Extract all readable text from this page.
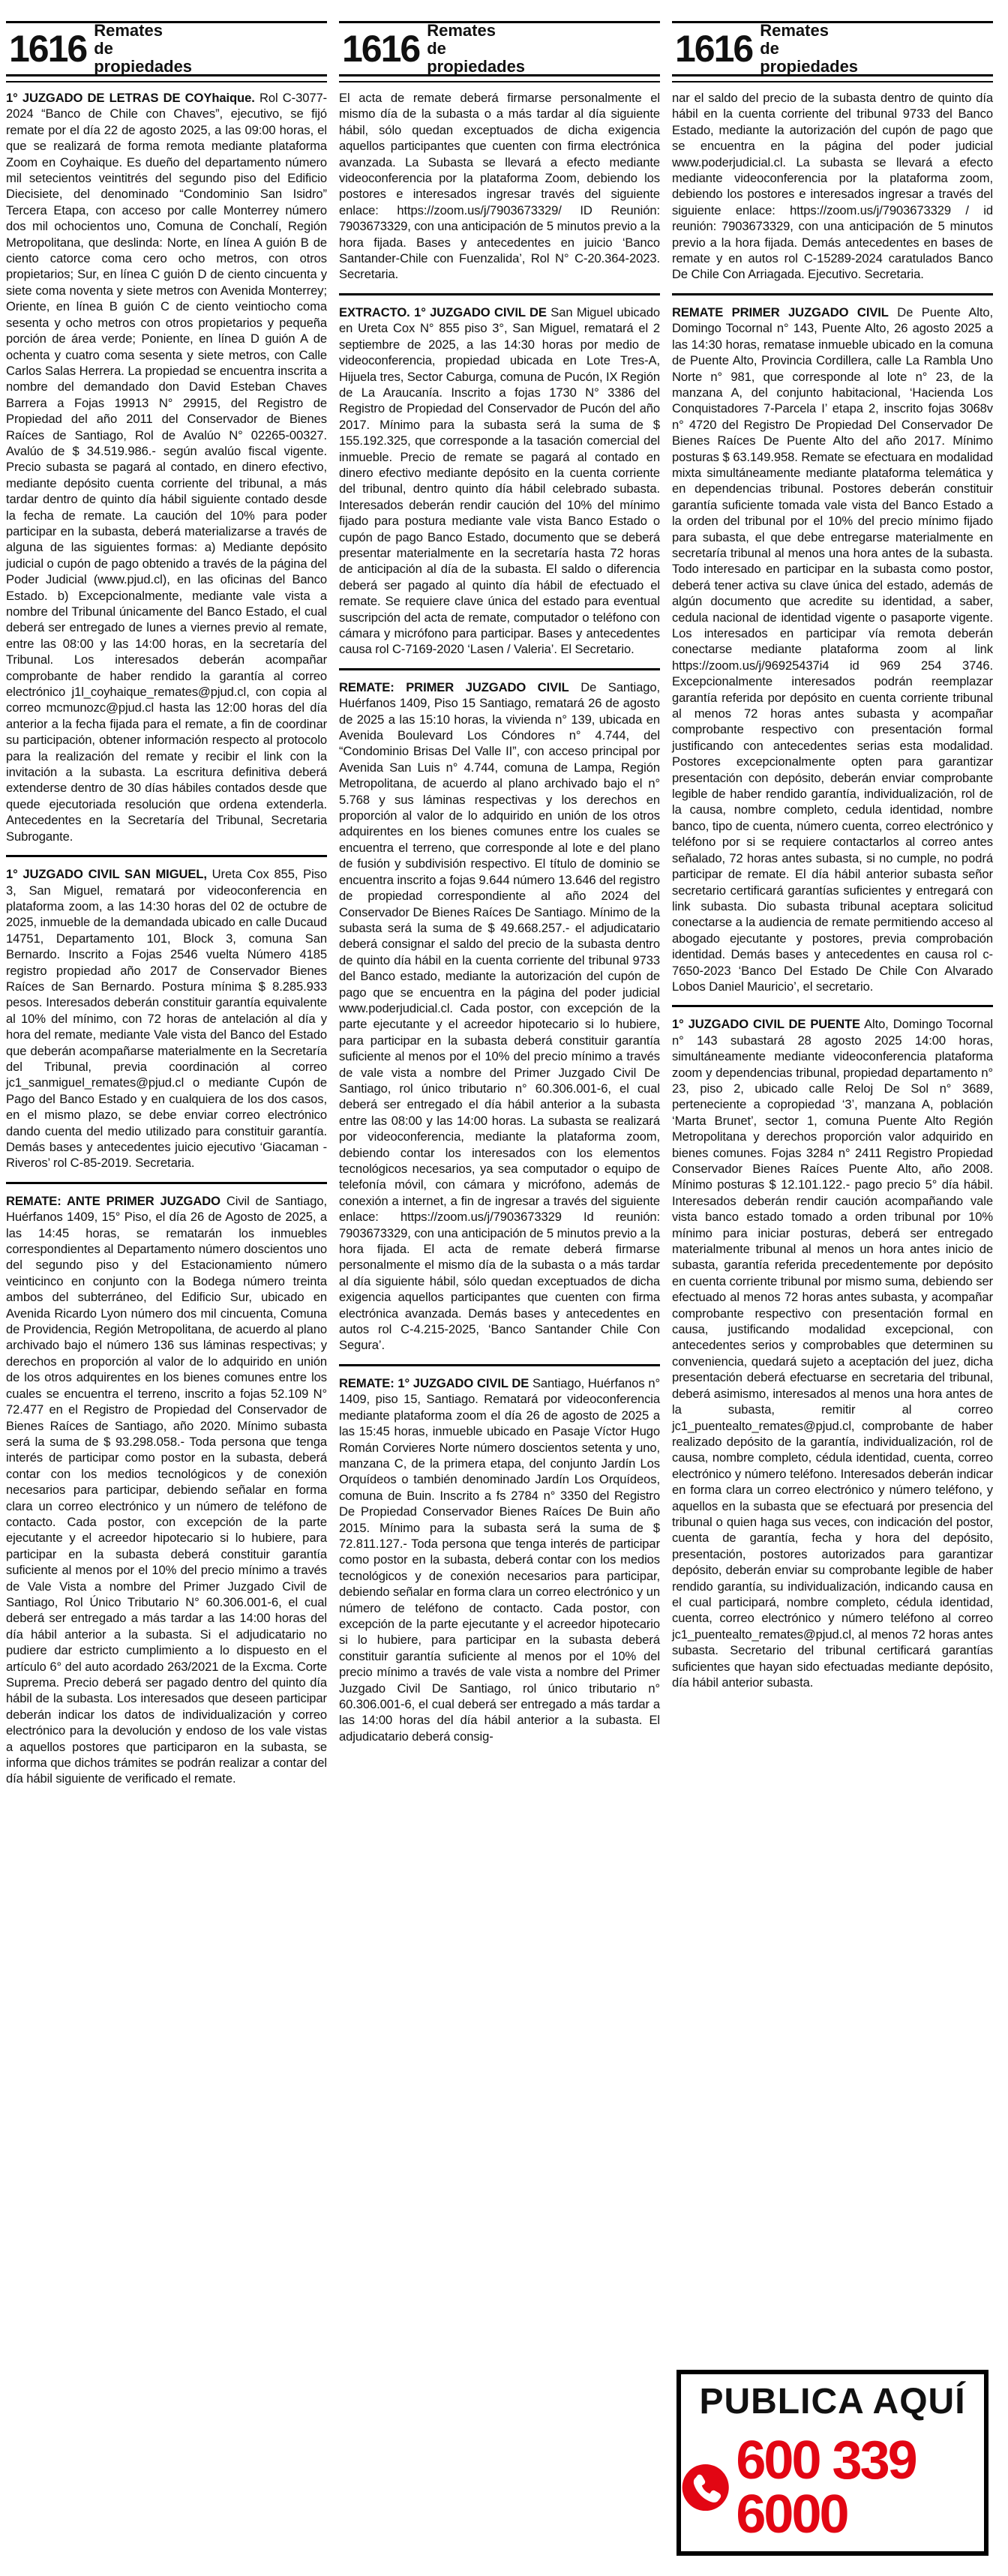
1616 Remates de propiedades

1° JUZGADO DE LETRAS DE COYhaique. Rol C-3077-2024 “Banco de Chile con Chaves”, ejecutivo, se fijó remate por el día 22 de agosto 2025, a las 09:00 horas, el que se realizará de forma remota mediante plataforma Zoom en Coyhaique. Es dueño del departamento número mil setecientos veintitrés del segundo piso del Edificio Diecisiete, del denominado “Condominio San Isidro” Tercera Etapa, con acceso por calle Monterrey número dos mil ochocientos uno, Comuna de Conchalí, Región Metropolitana, que deslinda: Norte, en línea A guión B de ciento catorce coma cero ocho metros, con otros propietarios; Sur, en línea C guión D de ciento cincuenta y siete coma noventa y siete metros con Avenida Monterrey; Oriente, en línea B guión C de ciento veintiocho coma sesenta y ocho metros con otros propietarios y pequeña porción de área verde; Poniente, en línea D guión A de ochenta y cuatro coma sesenta y siete metros, con Calle Carlos Salas Herrera. La propiedad se encuentra inscrita a nombre del demandado don David Esteban Chaves Barrera a Fojas 19913 N° 29915, del Registro de Propiedad del año 2011 del Conservador de Bienes Raíces de Santiago, Rol de Avalúo N° 02265-00327. Avalúo de $ 34.519.986.- según avalúo fiscal vigente. Precio subasta se pagará al contado, en dinero efectivo, mediante depósito cuenta corriente del tribunal, a más tardar dentro de quinto día hábil siguiente contado desde la fecha de remate. La caución del 10% para poder participar en la subasta, deberá materializarse a través de alguna de las siguientes formas: a) Mediante depósito judicial o cupón de pago obtenido a través de la página del Poder Judicial (www.pjud.cl), en las oficinas del Banco Estado. b) Excepcionalmente, mediante vale vista a nombre del Tribunal únicamente del Banco Estado, el cual deberá ser entregado de lunes a viernes previo al remate, entre las 08:00 y las 14:00 horas, en la secretaría del Tribunal. Los interesados deberán acompañar comprobante de haber rendido la garantía al correo electrónico j1l_coyhaique_remates@pjud.cl, con copia al correo mcmunozc@pjud.cl hasta las 12:00 horas del día anterior a la fecha fijada para el remate, a fin de coordinar su participación, obtener información respecto al protocolo para la realización del remate y recibir el link con la invitación a la subasta. La escritura definitiva deberá extenderse dentro de 30 días hábiles contados desde que quede ejecutoriada resolución que ordena extenderla. Antecedentes en la Secretaría del Tribunal, Secretaria Subrogante.

1° JUZGADO CIVIL SAN MIGUEL, Ureta Cox 855, Piso 3, San Miguel, rematará por videoconferencia en plataforma zoom, a las 14:30 horas del 02 de octubre de 2025, inmueble de la demandada ubicado en calle Ducaud 14751, Departamento 101, Block 3, comuna San Bernardo. Inscrito a Fojas 2546 vuelta Número 4185 registro propiedad año 2017 de Conservador Bienes Raíces de San Bernardo. Postura mínima $ 8.285.933 pesos. Interesados deberán constituir garantía equivalente al 10% del mínimo, con 72 horas de antelación al día y hora del remate, mediante Vale vista del Banco del Estado que deberán acompañarse materialmente en la Secretaría del Tribunal, previa coordinación al correo jc1_sanmiguel_remates@pjud.cl o mediante Cupón de Pago del Banco Estado y en cualquiera de los dos casos, en el mismo plazo, se debe enviar correo electrónico dando cuenta del medio utilizado para constituir garantía. Demás bases y antecedentes juicio ejecutivo ‘Giacaman - Riveros’ rol C-85-2019. Secretaria.

REMATE: ANTE PRIMER JUZGADO Civil de Santiago, Huérfanos 1409, 15° Piso, el día 26 de Agosto de 2025, a las 14:45 horas, se rematarán los inmuebles correspondientes al Departamento número doscientos uno del segundo piso y del Estacionamiento número veinticinco en conjunto con la Bodega número treinta ambos del subterráneo, del Edificio Sur, ubicado en Avenida Ricardo Lyon número dos mil cincuenta, Comuna de Providencia, Región Metropolitana, de acuerdo al plano archivado bajo el número 136 sus láminas respectivas; y derechos en proporción al valor de lo adquirido en unión de los otros adquirentes en los bienes comunes entre los cuales se encuentra el terreno, inscrito a fojas 52.109 N° 72.477 en el Registro de Propiedad del Conservador de Bienes Raíces de Santiago, año 2020. Mínimo subasta será la suma de $ 93.298.058.- Toda persona que tenga interés de participar como postor en la subasta, deberá contar con los medios tecnológicos y de conexión necesarios para participar, debiendo señalar en forma clara un correo electrónico y un número de teléfono de contacto. Cada postor, con excepción de la parte ejecutante y el acreedor hipotecario si lo hubiere, para participar en la subasta deberá constituir garantía suficiente al menos por el 10% del precio mínimo a través de Vale Vista a nombre del Primer Juzgado Civil de Santiago, Rol Único Tributario N° 60.306.001-6, el cual deberá ser entregado a más tardar a las 14:00 horas del día hábil anterior a la subasta. Si el adjudicatario no pudiere dar estricto cumplimiento a lo dispuesto en el artículo 6° del auto acordado 263/2021 de la Excma. Corte Suprema. Precio deberá ser pagado dentro del quinto día hábil de la subasta. Los interesados que deseen participar deberán indicar los datos de individualización y correo electrónico para la devolución y endoso de los vale vistas a aquellos postores que participaron en la subasta, se informa que dichos trámites se podrán realizar a contar del día hábil siguiente de verificado el remate.

1616 Remates de propiedades

El acta de remate deberá firmarse personalmente el mismo día de la subasta o a más tardar al día siguiente hábil, sólo quedan exceptuados de dicha exigencia aquellos participantes que cuenten con firma electrónica avanzada. La Subasta se llevará a efecto mediante videoconferencia por la plataforma Zoom, debiendo los postores e interesados ingresar través del siguiente enlace: https://zoom.us/j/7903673329/ ID Reunión: 7903673329, con una anticipación de 5 minutos previo a la hora fijada. Bases y antecedentes en juicio ‘Banco Santander-Chile con Fuenzalida’, Rol N° C-20.364-2023. Secretaria.

EXTRACTO. 1° JUZGADO CIVIL DE San Miguel ubicado en Ureta Cox N° 855 piso 3°, San Miguel, rematará el 2 septiembre de 2025, a las 14:30 horas por medio de videoconferencia, propiedad ubicada en Lote Tres-A, Hijuela tres, Sector Caburga, comuna de Pucón, IX Región de La Araucanía. Inscrito a fojas 1730 N° 3386 del Registro de Propiedad del Conservador de Pucón del año 2017. Mínimo para la subasta será la suma de $ 155.192.325, que corresponde a la tasación comercial del inmueble. Precio de remate se pagará al contado en dinero efectivo mediante depósito en la cuenta corriente del tribunal, dentro quinto día hábil celebrado subasta. Interesados deberán rendir caución del 10% del mínimo fijado para postura mediante vale vista Banco Estado o cupón de pago Banco Estado, documento que se deberá presentar materialmente en la secretaría hasta 72 horas de anticipación al día de la subasta. El saldo o diferencia deberá ser pagado al quinto día hábil de efectuado el remate. Se requiere clave única del estado para eventual suscripción del acta de remate, computador o teléfono con cámara y micrófono para participar. Bases y antecedentes causa rol C-7169-2020 ‘Lasen / Valeria’. El Secretario.

REMATE: PRIMER JUZGADO CIVIL De Santiago, Huérfanos 1409, Piso 15 Santiago, rematará 26 de agosto de 2025 a las 15:10 horas, la vivienda n° 139, ubicada en Avenida Boulevard Los Cóndores n° 4.744, del “Condominio Brisas Del Valle II”, con acceso principal por Avenida San Luis n° 4.744, comuna de Lampa, Región Metropolitana, de acuerdo al plano archivado bajo el n° 5.768 y sus láminas respectivas y los derechos en proporción al valor de lo adquirido en unión de los otros adquirentes en los bienes comunes entre los cuales se encuentra el terreno, que corresponde al lote e del plano de fusión y subdivisión respectivo. El título de dominio se encuentra inscrito a fojas 9.644 número 13.646 del registro de propiedad correspondiente al año 2024 del Conservador De Bienes Raíces De Santiago. Mínimo de la subasta será la suma de $ 49.668.257.- el adjudicatario deberá consignar el saldo del precio de la subasta dentro de quinto día hábil en la cuenta corriente del tribunal 9733 del Banco estado, mediante la autorización del cupón de pago que se encuentra en la página del poder judicial www.poderjudicial.cl. Cada postor, con excepción de la parte ejecutante y el acreedor hipotecario si lo hubiere, para participar en la subasta deberá constituir garantía suficiente al menos por el 10% del precio mínimo a través de vale vista a nombre del Primer Juzgado Civil De Santiago, rol único tributario n° 60.306.001-6, el cual deberá ser entregado el día hábil anterior a la subasta entre las 08:00 y las 14:00 horas. La subasta se realizará por videoconferencia, mediante la plataforma zoom, debiendo contar los interesados con los elementos tecnológicos necesarios, ya sea computador o equipo de telefonía móvil, con cámara y micrófono, además de conexión a internet, a fin de ingresar a través del siguiente enlace: https://zoom.us/j/7903673329 Id reunión: 7903673329, con una anticipación de 5 minutos previo a la hora fijada. El acta de remate deberá firmarse personalmente el mismo día de la subasta o a más tardar al día siguiente hábil, sólo quedan exceptuados de dicha exigencia aquellos participantes que cuenten con firma electrónica avanzada. Demás bases y antecedentes en autos rol C-4.215-2025, ‘Banco Santander Chile Con Segura’.

REMATE: 1° JUZGADO CIVIL DE Santiago, Huérfanos n° 1409, piso 15, Santiago. Rematará por videoconferencia mediante plataforma zoom el día 26 de agosto de 2025 a las 15:45 horas, inmueble ubicado en Pasaje Víctor Hugo Román Corvieres Norte número doscientos setenta y uno, manzana C, de la primera etapa, del conjunto Jardín Los Orquídeos o también denominado Jardín Los Orquídeos, comuna de Buin. Inscrito a fs 2784 n° 3350 del Registro De Propiedad Conservador Bienes Raíces De Buin año 2015. Mínimo para la subasta será la suma de $ 72.811.127.- Toda persona que tenga interés de participar como postor en la subasta, deberá contar con los medios tecnológicos y de conexión necesarios para participar, debiendo señalar en forma clara un correo electrónico y un número de teléfono de contacto. Cada postor, con excepción de la parte ejecutante y el acreedor hipotecario si lo hubiere, para participar en la subasta deberá constituir garantía suficiente al menos por el 10% del precio mínimo a través de vale vista a nombre del Primer Juzgado Civil De Santiago, rol único tributario n° 60.306.001-6, el cual deberá ser entregado a más tardar a las 14:00 horas del día hábil anterior a la subasta. El adjudicatario deberá consig-

1616 Remates de propiedades

nar el saldo del precio de la subasta dentro de quinto día hábil en la cuenta corriente del tribunal 9733 del Banco Estado, mediante la autorización del cupón de pago que se encuentra en la página del poder judicial www.poderjudicial.cl. La subasta se llevará a efecto mediante videoconferencia por la plataforma zoom, debiendo los postores e interesados ingresar a través del siguiente enlace: https://zoom.us/j/7903673329 / id reunión: 7903673329, con una anticipación de 5 minutos previo a la hora fijada. Demás antecedentes en bases de remate y en autos rol C-15289-2024 caratulados Banco De Chile Con Arriagada. Ejecutivo. Secretaria.

REMATE PRIMER JUZGADO CIVIL De Puente Alto, Domingo Tocornal n° 143, Puente Alto, 26 agosto 2025 a las 14:30 horas, rematase inmueble ubicado en la comuna de Puente Alto, Provincia Cordillera, calle La Rambla Uno Norte n° 981, que corresponde al lote n° 23, de la manzana A, del conjunto habitacional, ‘Hacienda Los Conquistadores 7-Parcela I’ etapa 2, inscrito fojas 3068v n° 4720 del Registro De Propiedad Del Conservador De Bienes Raíces De Puente Alto del año 2017. Mínimo posturas $ 63.149.958. Remate se efectuara en modalidad mixta simultáneamente mediante plataforma telemática y en dependencias tribunal. Postores deberán constituir garantía suficiente tomada vale vista del Banco Estado a la orden del tribunal por el 10% del precio mínimo fijado para subasta, el que debe entregarse materialmente en secretaría tribunal al menos una hora antes de la subasta. Todo interesado en participar en la subasta como postor, deberá tener activa su clave única del estado, además de algún documento que acredite su identidad, a saber, cedula nacional de identidad vigente o pasaporte vigente. Los interesados en participar vía remota deberán conectarse mediante plataforma zoom al link https://zoom.us/j/96925437i4 id 969 254 3746. Excepcionalmente interesados podrán reemplazar garantía referida por depósito en cuenta corriente tribunal al menos 72 horas antes subasta y acompañar comprobante respectivo con presentación formal justificando con antecedentes serias esta modalidad. Postores excepcionalmente opten para garantizar presentación con depósito, deberán enviar comprobante legible de haber rendido garantía, individualización, rol de la causa, nombre completo, cedula identidad, nombre banco, tipo de cuenta, número cuenta, correo electrónico y teléfono por si se requiere contactarlos al correo antes señalado, 72 horas antes subasta, si no cumple, no podrá participar de remate. El día hábil anterior subasta señor secretario certificará garantías suficientes y entregará con link subasta. Dio subasta tribunal aceptara solicitud conectarse a la audiencia de remate permitiendo acceso al abogado ejecutante y postores, previa comprobación identidad. Demás bases y antecedentes en causa rol c-7650-2023 ‘Banco Del Estado De Chile Con Alvarado Lobos Daniel Mauricio’, el secretario.

1° JUZGADO CIVIL DE PUENTE Alto, Domingo Tocornal n° 143 subastará 28 agosto 2025 14:00 horas, simultáneamente mediante videoconferencia plataforma zoom y dependencias tribunal, propiedad departamento n° 23, piso 2, ubicado calle Reloj De Sol n° 3689, perteneciente a copropiedad ‘3’, manzana A, población ‘Marta Brunet’, sector 1, comuna Puente Alto Región Metropolitana y derechos proporción valor adquirido en bienes comunes. Fojas 3284 n° 2411 Registro Propiedad Conservador Bienes Raíces Puente Alto, año 2008. Mínimo posturas $ 12.101.122.- pago precio 5° día hábil. Interesados deberán rendir caución acompañando vale vista banco estado tomado a orden tribunal por 10% mínimo para iniciar posturas, deberá ser entregado materialmente tribunal al menos un hora antes inicio de subasta, garantía referida precedentemente por depósito en cuenta corriente tribunal por mismo suma, debiendo ser efectuado al menos 72 horas antes subasta, y acompañar comprobante respectivo con presentación formal en causa, justificando modalidad excepcional, con antecedentes serios y comprobables que determinen su conveniencia, quedará sujeto a aceptación del juez, dicha presentación deberá efectuarse en secretaria del tribunal, deberá asimismo, interesados al menos una hora antes de la subasta, remitir al correo jc1_puentealto_remates@pjud.cl, comprobante de haber realizado depósito de la garantía, individualización, rol de causa, nombre completo, cédula identidad, cuenta, correo electrónico y número teléfono. Interesados deberán indicar en forma clara un correo electrónico y número teléfono, y aquellos en la subasta que se efectuará por presencia del tribunal o quien haga sus veces, con indicación del postor, cuenta de garantía, fecha y hora del depósito, presentación, postores autorizados para garantizar depósito, deberán enviar su comprobante legible de haber rendido garantía, su individualización, indicando causa en el cual participará, nombre completo, cédula identidad, cuenta, correo electrónico y número teléfono al correo jc1_puentealto_remates@pjud.cl, al menos 72 horas antes subasta. Secretario del tribunal certificará garantías suficientes que hayan sido efectuadas mediante depósito, día hábil anterior subasta.

PUBLICA AQUÍ
600 339 6000
